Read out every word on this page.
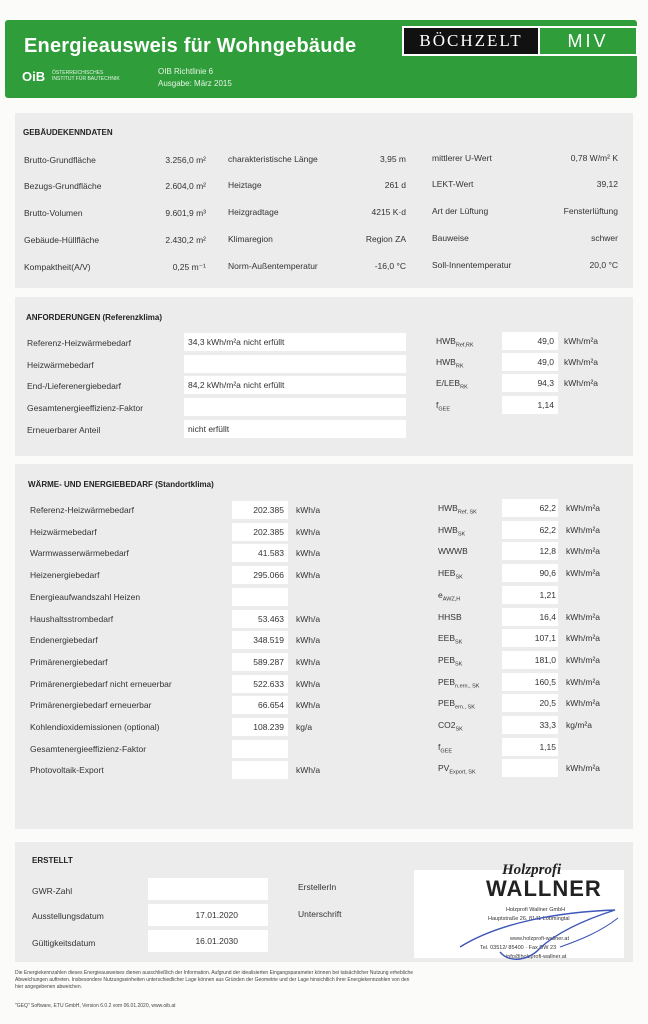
Energieausweis für Wohngebäude	BÖCHZELT	MIV
OiB ÖSTERREICHISCHES INSTITUT FÜR BAUTECHNIK
OIB Richtlinie 6
Ausgabe: März 2015
GEBÄUDEKENNDATEN
ANFORDERUNGEN (Referenzklima)
WÄRME- UND ENERGIEBEDARF (Standortklima)
ERSTELLT
GWR-Zahl
Ausstellungsdatum	17.01.2020
Gültigkeitsdatum	16.01.2030
ErstellerIn
Unterschrift
Holzprofi
WALLNER
Holzprofi Wallner GmbH
Hauptstraße 26, 8141 Lobmingtal
www.holzprofi-wallner.at
Tel. 03512/ 85400 · Fax DW 23
info@holzprofi-wallner.at
Die Energiekennzahlen dieses Energieausweises dienen ausschließlich der Information. Aufgrund der idealisierten Eingangsparameter können bei tatsächlicher Nutzung erhebliche
Abweichungen auftreten. Insbesondere Nutzungseinheiten unterschiedlicher Lage können aus Gründen der Geometrie und der Lage hinsichtlich ihrer Energiekennzahlen von den
hier angegebenen abweichen.
"GEQ" Software, ETU GmbH, Version 6.0.2 vom 06.01.2020, www.oib.at
Brutto-Grundfläche	3.256,0 m²
Bezugs-Grundfläche	2.604,0 m²
Brutto-Volumen	9.601,9 m³
Gebäude-Hüllfläche	2.430,2 m²
Kompaktheit(A/V)	0,25 m⁻¹
charakteristische Länge	3,95 m
Heiztage	261 d
Heizgradtage	4215 K·d
Klimaregion	Region ZA
Norm-Außentemperatur	-16,0 °C
mittlerer U-Wert	0,78 W/m² K
LEKT-Wert	39,12
Art der Lüftung	Fensterlüftung
Bauweise	schwer
Soll-Innentemperatur	20,0 °C
Referenz-Heizwärmebedarf	34,3 kWh/m²a nicht erfüllt
Heizwärmebedarf
End-/Lieferenergiebedarf	84,2 kWh/m²a nicht erfüllt
Gesamtenergieeffizienz-Faktor
Erneuerbarer Anteil	nicht erfüllt
$HWB_{Ref,RK}$	49,0 kWh/m²a
$HWB_{RK}$	49,0 kWh/m²a
$E/LEB_{RK}$	94,3 kWh/m²a
$f_{GEE}$	1,14
Referenz-Heizwärmebedarf	202.385 kWh/a
Heizwärmebedarf	202.385 kWh/a
Warmwasserwärmebedarf	41.583 kWh/a
Heizenergiebedarf	295.066 kWh/a
Energieaufwandszahl Heizen
Haushaltsstrombedarf	53.463 kWh/a
Endenergiebedarf	348.519 kWh/a
Primärenergiebedarf	589.287 kWh/a
Primärenergiebedarf nicht erneuerbar	522.633 kWh/a
Primärenergiebedarf erneuerbar	66.654 kWh/a
Kohlendioxidemissionen (optional)	108.239 kg/a
Gesamtenergieeffizienz-Faktor
Photovoltaik-Export	kWh/a
$HWB_{Ref, SK}$	62,2 kWh/m²a
$HWB_{SK}$	62,2 kWh/m²a
WWWB	12,8 kWh/m²a
$HEB_{SK}$	90,6 kWh/m²a
$e_{AWZ,H}$	1,21
HHSB	16,4 kWh/m²a
$EEB_{SK}$	107,1 kWh/m²a
$PEB_{SK}$	181,0 kWh/m²a
$PEB_{n.ern., SK}$	160,5 kWh/m²a
$PEB_{ern., SK}$	20,5 kWh/m²a
$CO2_{SK}$	33,3 kg/m²a
$f_{GEE}$	1,15
$PV_{Export, SK}$	kWh/m²a
